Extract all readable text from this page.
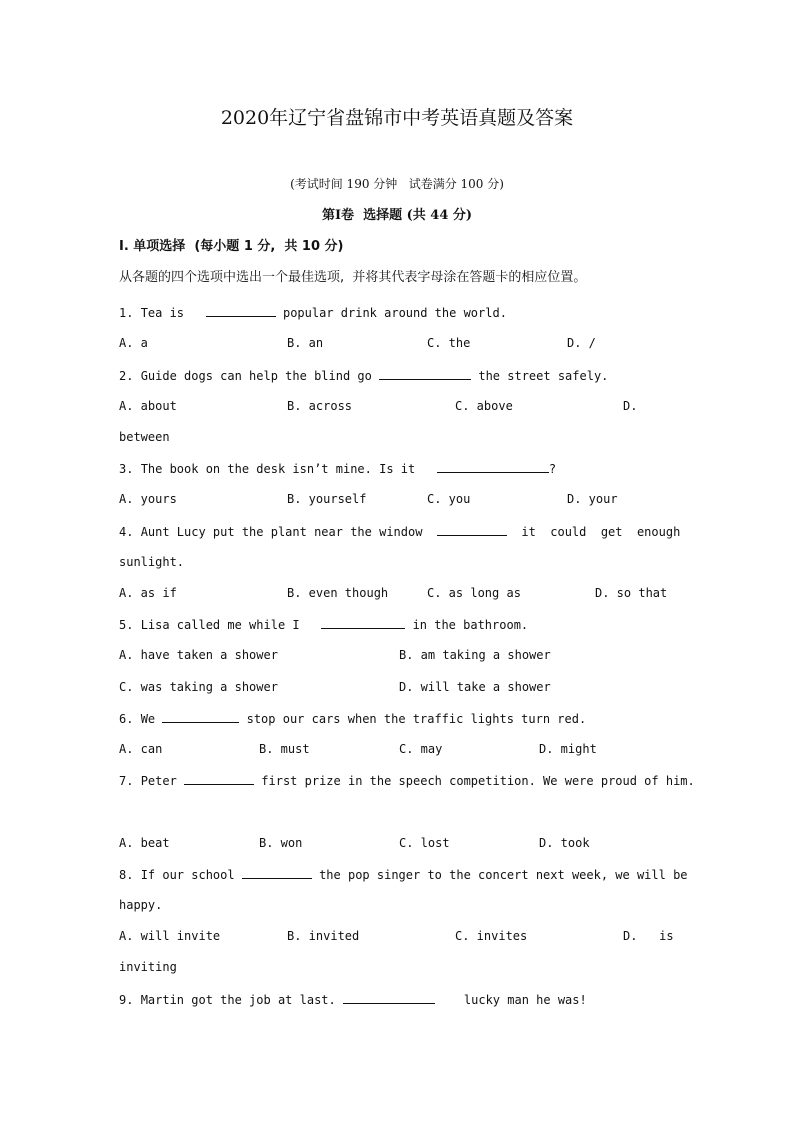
2020年辽宁省盘锦市中考英语真题及答案
(考试时间 190 分钟   试卷满分 100 分)
第Ⅰ卷  选择题 (共 44 分)
Ⅰ. 单项选择  (每小题 1 分,  共 10 分)
从各题的四个选项中选出一个最佳选项,  并将其代表字母涂在答题卡的相应位置。
1. Tea is	popular drink around the world.
A. a	B. an	C. the	D. /
2. Guide dogs can help the blind go	the street safely.
A. about	B. across	C. above	D.
between
3. The book on the desk isn’t mine. Is it	?
A. yours	B. yourself	C. you	D. your
4. Aunt Lucy put the plant near the window	it  could  get  enough
sunlight.
A. as if	B. even though	C. as long as	D. so that
5. Lisa called me while I	in the bathroom.
A. have taken a shower	B. am taking a shower
C. was taking a shower	D. will take a shower
6. We	stop our cars when the traffic lights turn red.
A. can	B. must	C. may	D. might
7. Peter	first prize in the speech competition. We were proud of him.
A. beat	B. won	C. lost	D. took
8. If our school	the pop singer to the concert next week, we will be
happy.
A. will invite	B. invited	C. invites	D.   is
inviting
9. Martin got the job at last.	lucky man he was!
